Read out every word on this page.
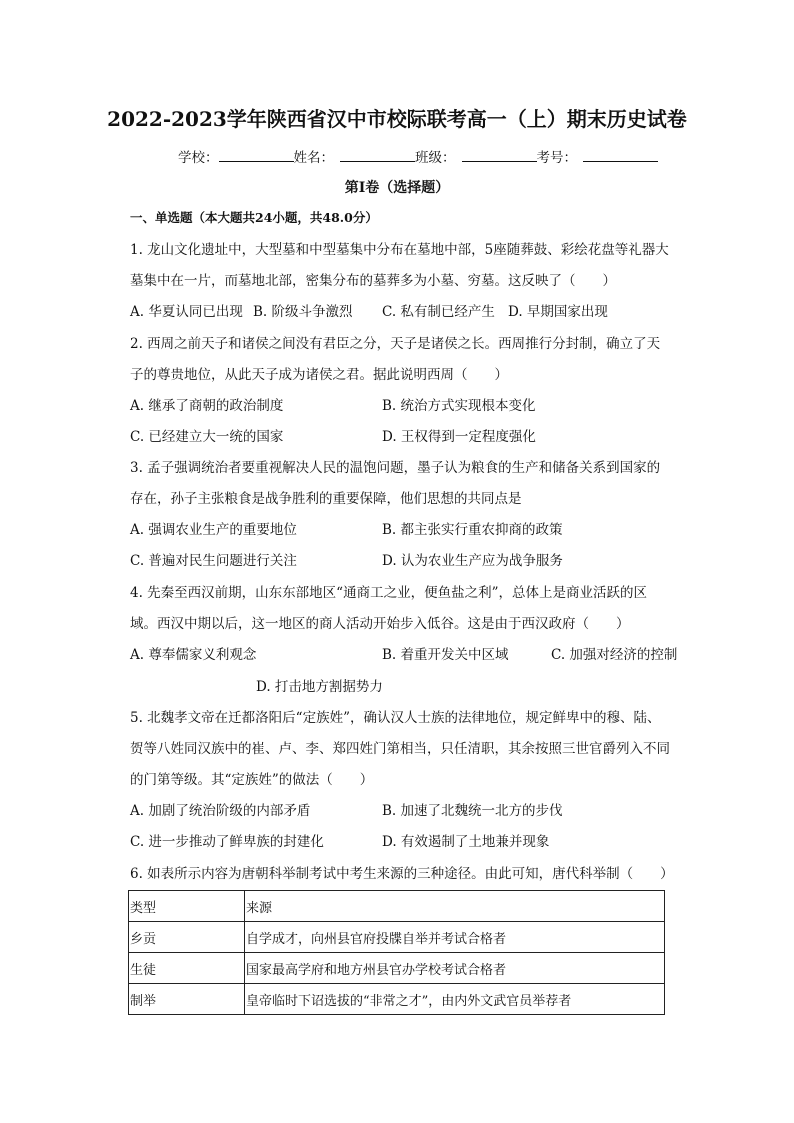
2022-2023学年陕西省汉中市校际联考高一（上）期末历史试卷
学校：	姓名：	班级：	考号：
第Ⅰ卷（选择题）
一、单选题（本大题共24小题，共48.0分）
1. 龙山文化遗址中，大型墓和中型墓集中分布在墓地中部，5座随葬鼓、彩绘花盘等礼器大
墓集中在一片，而墓地北部，密集分布的墓葬多为小墓、穷墓。这反映了（　　）
A. 华夏认同已出现 B. 阶级斗争激烈 C. 私有制已经产生 D. 早期国家出现
2. 西周之前天子和诸侯之间没有君臣之分，天子是诸侯之长。西周推行分封制，确立了天
子的尊贵地位，从此天子成为诸侯之君。据此说明西周（　　）
A. 继承了商朝的政治制度	B. 统治方式实现根本变化
C. 已经建立大一统的国家	D. 王权得到一定程度强化
3. 孟子强调统治者要重视解决人民的温饱问题，墨子认为粮食的生产和储备关系到国家的
存在，孙子主张粮食是战争胜利的重要保障，他们思想的共同点是
A. 强调农业生产的重要地位	B. 都主张实行重农抑商的政策
C. 普遍对民生问题进行关注	D. 认为农业生产应为战争服务
4. 先秦至西汉前期，山东东部地区“通商工之业，便鱼盐之利”，总体上是商业活跃的区
域。西汉中期以后，这一地区的商人活动开始步入低谷。这是由于西汉政府（　　）
A. 尊奉儒家义利观念	B. 着重开发关中区域	C. 加强对经济的控制
D. 打击地方割据势力
5. 北魏孝文帝在迁都洛阳后“定族姓”，确认汉人士族的法律地位，规定鲜卑中的穆、陆、
贺等八姓同汉族中的崔、卢、李、郑四姓门第相当，只任清职，其余按照三世官爵列入不同
的门第等级。其“定族姓”的做法（　　）
A. 加剧了统治阶级的内部矛盾	B. 加速了北魏统一北方的步伐
C. 进一步推动了鲜卑族的封建化	D. 有效遏制了土地兼并现象
6. 如表所示内容为唐朝科举制考试中考生来源的三种途径。由此可知，唐代科举制（　　）
类型	来源
乡贡	自学成才，向州县官府投牒自举并考试合格者
生徒	国家最高学府和地方州县官办学校考试合格者
制举	皇帝临时下诏选拔的“非常之才”，由内外文武官员举荐者
